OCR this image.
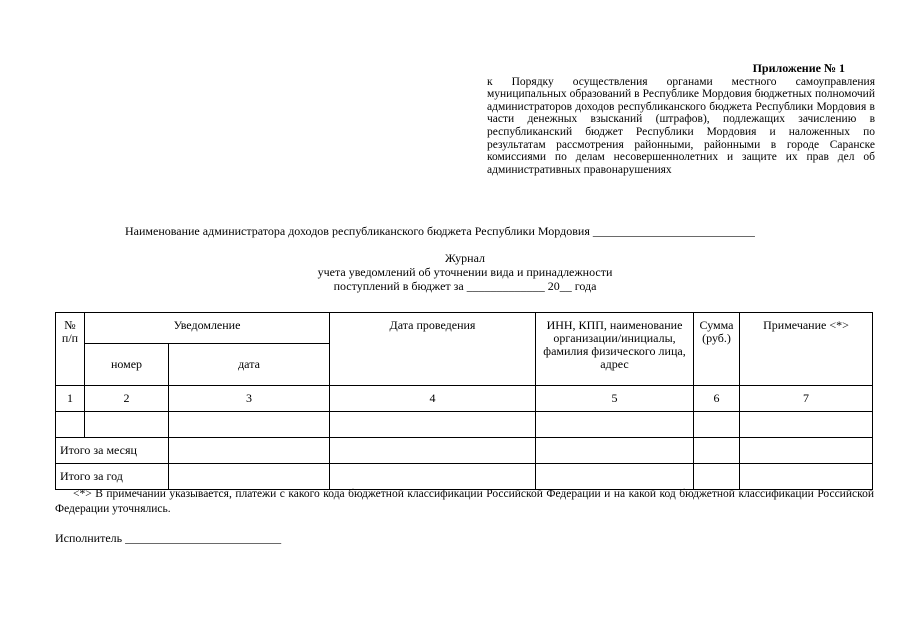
Приложение № 1
к Порядку осуществления органами местного самоуправления муниципальных образований в Республике Мордовия бюджетных полномочий администраторов доходов республиканского бюджета Республики Мордовия в части денежных взысканий (штрафов), подлежащих зачислению в республиканский бюджет Республики Мордовия и наложенных по результатам рассмотрения районными, районными в городе Саранске комиссиями по делам несовершеннолетних и защите их прав дел об административных правонарушениях
Наименование администратора доходов республиканского бюджета Республики Мордовия ___________________________
Журнал
учета уведомлений об уточнении вида и принадлежности
поступлений в бюджет за _____________ 20__ года
№ п/п	Уведомление		Дата проведения	ИНН, КПП, наименование организации/инициалы, фамилия физического лица, адрес	Сумма (руб.)	Примечание <*>
	номер	дата				
1	2	3	4	5	6	7

Итого за месяц						
Итого за год						
<*> В примечании указывается, платежи с какого кода бюджетной классификации Российской Федерации и на какой код бюджетной классификации Российской Федерации уточнялись.
Исполнитель __________________________
